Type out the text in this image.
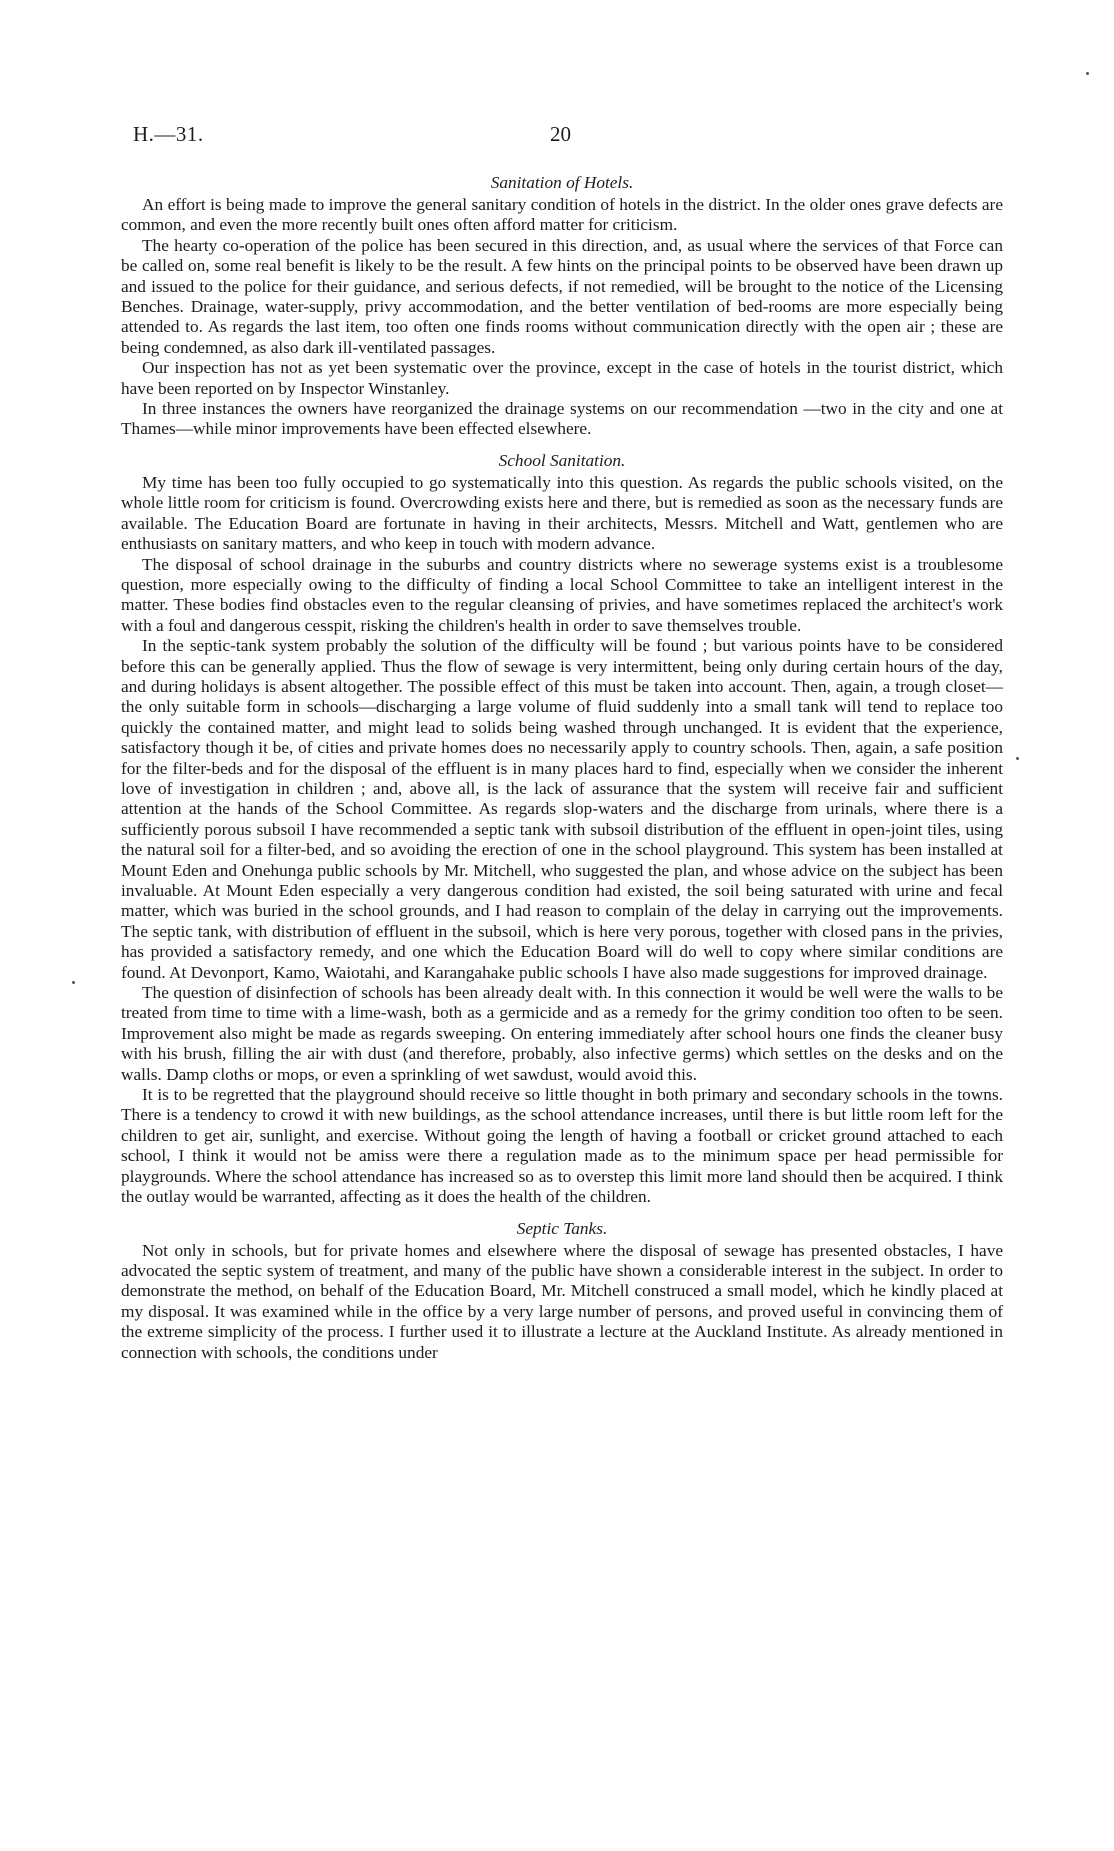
H.—31.	20
Sanitation of Hotels.

An effort is being made to improve the general sanitary condition of hotels in the district. In the older ones grave defects are common, and even the more recently built ones often afford matter for criticism.

The hearty co-operation of the police has been secured in this direction, and, as usual where the services of that Force can be called on, some real benefit is likely to be the result. A few hints on the principal points to be observed have been drawn up and issued to the police for their guidance, and serious defects, if not remedied, will be brought to the notice of the Licensing Benches. Drainage, water-supply, privy accommodation, and the better ventilation of bed-rooms are more especially being attended to. As regards the last item, too often one finds rooms without communication directly with the open air ; these are being condemned, as also dark ill-ventilated passages.

Our inspection has not as yet been systematic over the province, except in the case of hotels in the tourist district, which have been reported on by Inspector Winstanley.

In three instances the owners have reorganized the drainage systems on our recommendation —two in the city and one at Thames—while minor improvements have been effected elsewhere.

School Sanitation.

My time has been too fully occupied to go systematically into this question. As regards the public schools visited, on the whole little room for criticism is found. Overcrowding exists here and there, but is remedied as soon as the necessary funds are available. The Education Board are fortunate in having in their architects, Messrs. Mitchell and Watt, gentlemen who are enthusiasts on sanitary matters, and who keep in touch with modern advance.

The disposal of school drainage in the suburbs and country districts where no sewerage systems exist is a troublesome question, more especially owing to the difficulty of finding a local School Committee to take an intelligent interest in the matter. These bodies find obstacles even to the regular cleansing of privies, and have sometimes replaced the architect's work with a foul and dangerous cesspit, risking the children's health in order to save themselves trouble.

In the septic-tank system probably the solution of the difficulty will be found ; but various points have to be considered before this can be generally applied. Thus the flow of sewage is very intermittent, being only during certain hours of the day, and during holidays is absent altogether. The possible effect of this must be taken into account. Then, again, a trough closet—the only suitable form in schools—discharging a large volume of fluid suddenly into a small tank will tend to replace too quickly the contained matter, and might lead to solids being washed through unchanged. It is evident that the experience, satisfactory though it be, of cities and private homes does no necessarily apply to country schools. Then, again, a safe position for the filter-beds and for the disposal of the effluent is in many places hard to find, especially when we consider the inherent love of investigation in children ; and, above all, is the lack of assurance that the system will receive fair and sufficient attention at the hands of the School Committee. As regards slop-waters and the discharge from urinals, where there is a sufficiently porous subsoil I have recommended a septic tank with subsoil distribution of the effluent in open-joint tiles, using the natural soil for a filter-bed, and so avoiding the erection of one in the school playground. This system has been installed at Mount Eden and Onehunga public schools by Mr. Mitchell, who suggested the plan, and whose advice on the subject has been invaluable. At Mount Eden especially a very dangerous condition had existed, the soil being saturated with urine and fecal matter, which was buried in the school grounds, and I had reason to complain of the delay in carrying out the improvements. The septic tank, with distribution of effluent in the subsoil, which is here very porous, together with closed pans in the privies, has provided a satisfactory remedy, and one which the Education Board will do well to copy where similar conditions are found. At Devonport, Kamo, Waiotahi, and Karangahake public schools I have also made suggestions for improved drainage.

The question of disinfection of schools has been already dealt with. In this connection it would be well were the walls to be treated from time to time with a lime-wash, both as a germicide and as a remedy for the grimy condition too often to be seen. Improvement also might be made as regards sweeping. On entering immediately after school hours one finds the cleaner busy with his brush, filling the air with dust (and therefore, probably, also infective germs) which settles on the desks and on the walls. Damp cloths or mops, or even a sprinkling of wet sawdust, would avoid this.

It is to be regretted that the playground should receive so little thought in both primary and secondary schools in the towns. There is a tendency to crowd it with new buildings, as the school attendance increases, until there is but little room left for the children to get air, sunlight, and exercise. Without going the length of having a football or cricket ground attached to each school, I think it would not be amiss were there a regulation made as to the minimum space per head permissible for playgrounds. Where the school attendance has increased so as to overstep this limit more land should then be acquired. I think the outlay would be warranted, affecting as it does the health of the children.

Septic Tanks.

Not only in schools, but for private homes and elsewhere where the disposal of sewage has presented obstacles, I have advocated the septic system of treatment, and many of the public have shown a considerable interest in the subject. In order to demonstrate the method, on behalf of the Education Board, Mr. Mitchell construced a small model, which he kindly placed at my disposal. It was examined while in the office by a very large number of persons, and proved useful in convincing them of the extreme simplicity of the process. I further used it to illustrate a lecture at the Auckland Institute. As already mentioned in connection with schools, the conditions under
